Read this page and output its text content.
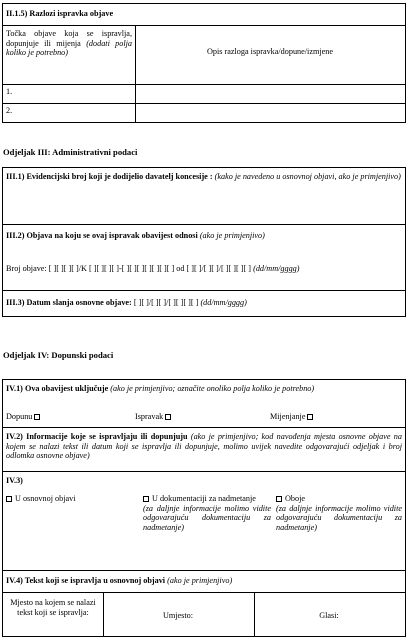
II.1.5) Razlozi ispravka objave
Točka objave koja se ispravlja, dopunjuje ili mijenja (dodati polja koliko je potrebno)	Opis razloga ispravka/dopune/izmjene
1.
2.
Odjeljak III: Administrativni podaci
III.1) Evidencijski broj koji je dodijelio davatelj koncesije : (kako je navedeno u osnovnoj objavi, ako je primjenjivo)
III.2) Objava na koju se ovaj ispravak obavijest odnosi (ako je primjenjivo)
Broj objave: [ ][ ][ ][ ]/K [ ][ ][ ][ ]-[ ][ ][ ][ ][ ][ ][ ] od [ ][ ]/[ ][ ]/[ ][ ][ ][ ] (dd/mm/gggg)
III.3) Datum slanja osnovne objave: [ ][ ]/[ ][ ]/[ ][ ][ ][ ] (dd/mm/gggg)
Odjeljak IV: Dopunski podaci
IV.1) Ova obavijest uključuje (ako je primjenjivo; označite onoliko polja koliko je potrebno)
Dopunu	Ispravak	Mijenjanje
IV.2) Informacije koje se ispravljaju ili dopunjuju (ako je primjenjivo; kod navođenja mjesta osnovne objave na kojem se nalazi tekst ili datum koji se ispravlja ili dopunjuje, molimo uvijek navedite odgovarajući odjeljak i broj odlomka osnovne objave)
IV.3)
U osnovnoj objavi	U dokumentaciji za nadmetanje
(za daljnje informacije molimo vidite odgovarajuću dokumentaciju za nadmetanje)
Oboje
(za daljnje informacije molimo vidite odgovarajuću dokumentaciju za nadmetanje)
IV.4) Tekst koji se ispravlja u osnovnoj objavi (ako je primjenjivo)
Mjesto na kojem se nalazi tekst koji se ispravlja:	Umjesto:	Glasi:
